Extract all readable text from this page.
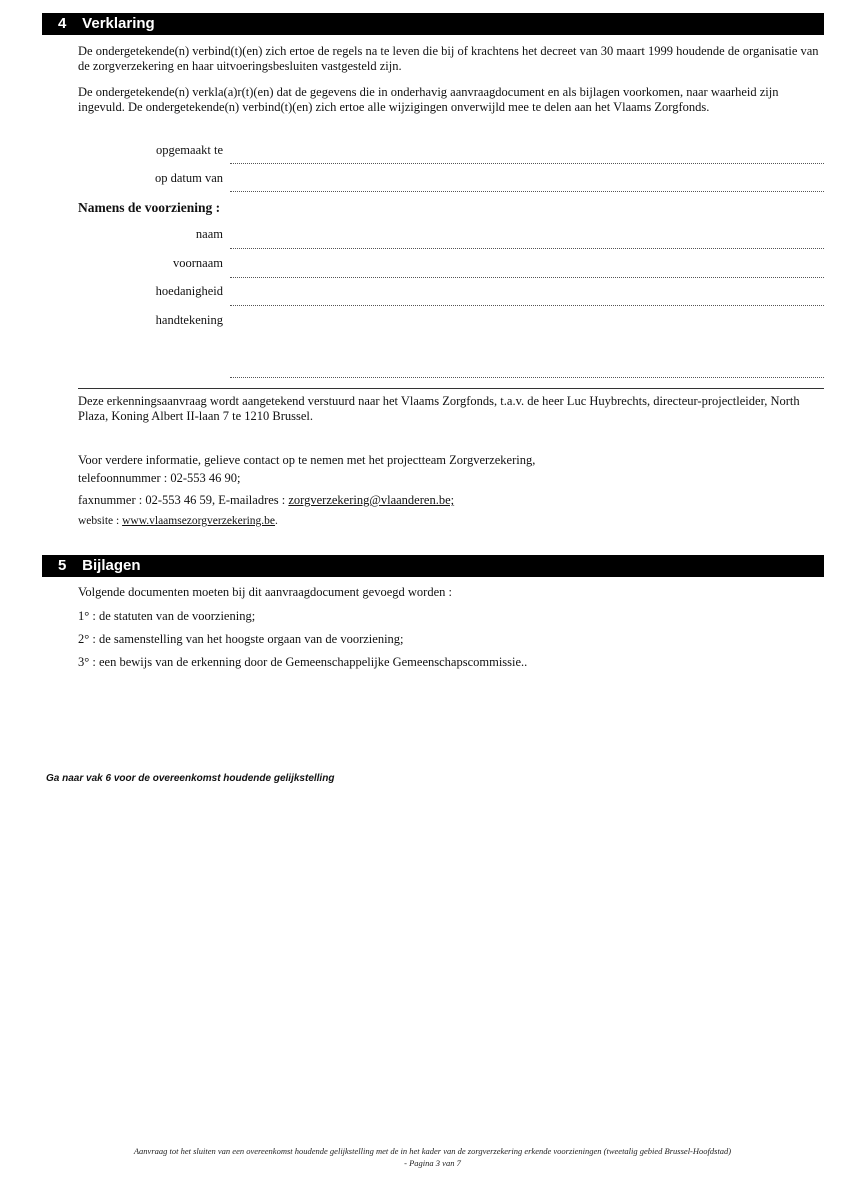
4 Verklaring

De ondergetekende(n) verbind(t)(en) zich ertoe de regels na te leven die bij of krachtens het decreet van 30 maart 1999 houdende de organisatie van de zorgverzekering en haar uitvoeringsbesluiten vastgesteld zijn.

De ondergetekende(n) verkla(a)r(t)(en) dat de gegevens die in onderhavig aanvraagdocument en als bijlagen voorkomen, naar waarheid zijn ingevuld. De ondergetekende(n) verbind(t)(en) zich ertoe alle wijzigingen onverwijld mee te delen aan het Vlaams Zorgfonds.

opgemaakt te
op datum van
Namens de voorziening :
naam
voornaam
hoedanigheid
handtekening

Deze erkenningsaanvraag wordt aangetekend verstuurd naar het Vlaams Zorgfonds, t.a.v. de heer Luc Huybrechts, directeur-projectleider, North Plaza, Koning Albert II-laan 7 te 1210 Brussel.

Voor verdere informatie, gelieve contact op te nemen met het projectteam Zorgverzekering,

telefoonnummer : 02-553 46 90;

faxnummer : 02-553 46 59, E-mailadres : zorgverzekering@vlaanderen.be;

website : www.vlaamsezorgverzekering.be.

5 Bijlagen

Volgende documenten moeten bij dit aanvraagdocument gevoegd worden :

1° : de statuten van de voorziening;

2° : de samenstelling van het hoogste orgaan van de voorziening;

3° : een bewijs van de erkenning door de Gemeenschappelijke Gemeenschapscommissie..

Ga naar vak 6 voor de overeenkomst houdende gelijkstelling
Aanvraag tot het sluiten van een overeenkomst houdende gelijkstelling met de in het kader van de zorgverzekering erkende voorzieningen (tweetalig gebied Brussel-Hoofdstad)
- Pagina 3 van 7
